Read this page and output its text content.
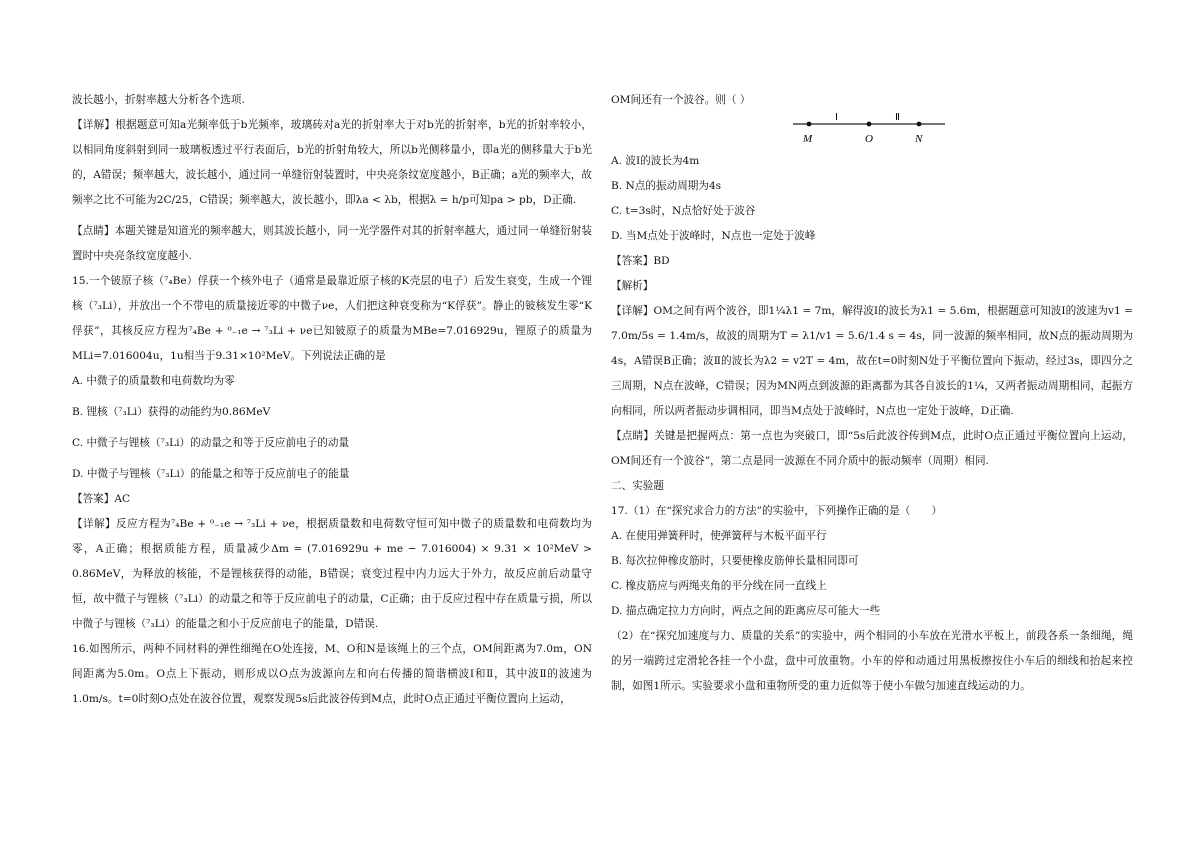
波长越小，折射率越大分析各个选项.

【详解】根据题意可知a光频率低于b光频率，玻璃砖对a光的折射率大于对b光的折射率，b光的折射率较小，以相同角度斜射到同一玻璃板透过平行表面后，b光的折射角较大，所以b光侧移量小，即a光的侧移量大于b光的，A错误；频率越大，波长越小，通过同一单缝衍射装置时，中央亮条纹宽度越小，B正确；a光的频率大，故频率之比不可能为2C/25，C错误；频率越大，波长越小，即λa < λb，根据λ = h/p可知pa > pb，D正确.

【点睛】本题关键是知道光的频率越大，则其波长越小，同一光学器件对其的折射率越大，通过同一单缝衍射装置时中央亮条纹宽度越小.

15.一个铍原子核（⁷₄Be）俘获一个核外电子（通常是最靠近原子核的K壳层的电子）后发生衰变，生成一个锂核（⁷₃Li），并放出一个不带电的质量接近零的中微子νe，人们把这种衰变称为“K俘获”。静止的铍核发生零“K俘获”，其核反应方程为⁷₄Be + ⁰₋₁e → ⁷₃Li + νe已知铍原子的质量为MBe=7.016929u，锂原子的质量为MLi=7.016004u，1u相当于9.31×10²MeV。下列说法正确的是

A. 中微子的质量数和电荷数均为零

B. 锂核（⁷₃Li）获得的动能约为0.86MeV

C. 中微子与锂核（⁷₃Li）的动量之和等于反应前电子的动量

D. 中微子与锂核（⁷₃Li）的能量之和等于反应前电子的能量

【答案】AC

【详解】反应方程为⁷₄Be + ⁰₋₁e → ⁷₃Li + νe，根据质量数和电荷数守恒可知中微子的质量数和电荷数均为零，A正确；根据质能方程，质量减少Δm = (7.016929u + me − 7.016004) × 9.31 × 10²MeV > 0.86MeV，为释放的核能，不是锂核获得的动能，B错误；衰变过程中内力远大于外力，故反应前后动量守恒，故中微子与锂核（⁷₃Li）的动量之和等于反应前电子的动量，C正确；由于反应过程中存在质量亏损，所以中微子与锂核（⁷₃Li）的能量之和小于反应前电子的能量，D错误.

16.如图所示，两种不同材料的弹性细绳在O处连接，M、O和N是该绳上的三个点，OM间距离为7.0m，ON间距离为5.0m。O点上下振动，则形成以O点为波源向左和向右传播的简谐横波Ⅰ和Ⅱ，其中波Ⅱ的波速为1.0m/s。t=0时刻O点处在波谷位置，观察发现5s后此波谷传到M点，此时O点正通过平衡位置向上运动，

OM间还有一个波谷。则（ ）

Ⅰ	Ⅱ
M	O	N

A. 波Ⅰ的波长为4m

B. N点的振动周期为4s

C. t=3s时，N点恰好处于波谷

D. 当M点处于波峰时，N点也一定处于波峰

【答案】BD

【解析】

【详解】OM之间有两个波谷，即1¼λ1 = 7m，解得波Ⅰ的波长为λ1 = 5.6m，根据题意可知波Ⅰ的波速为v1 = 7.0m/5s = 1.4m/s，故波的周期为T = λ1/v1 = 5.6/1.4 s = 4s，同一波源的频率相同，故N点的振动周期为4s，A错误B正确；波Ⅱ的波长为λ2 = v2T = 4m，故在t=0时刻N处于平衡位置向下振动，经过3s，即四分之三周期，N点在波峰，C错误；因为MN两点到波源的距离都为其各自波长的1¼，又两者振动周期相同，起振方向相同，所以两者振动步调相同，即当M点处于波峰时，N点也一定处于波峰，D正确.

【点睛】关键是把握两点：第一点也为突破口，即“5s后此波谷传到M点，此时O点正通过平衡位置向上运动，OM间还有一个波谷”，第二点是同一波源在不同介质中的振动频率（周期）相同.

二、实验题

17.（1）在“探究求合力的方法”的实验中，下列操作正确的是（　　）

A. 在使用弹簧秤时，使弹簧秤与木板平面平行

B. 每次拉伸橡皮筋时，只要使橡皮筋伸长量相同即可

C. 橡皮筋应与两绳夹角的平分线在同一直线上

D. 描点确定拉力方向时，两点之间的距离应尽可能大一些

（2）在“探究加速度与力、质量的关系”的实验中，两个相同的小车放在光滑水平板上，前段各系一条细绳，绳的另一端跨过定滑轮各挂一个小盘，盘中可放重物。小车的停和动通过用黑板擦按住小车后的细线和抬起来控制，如图1所示。实验要求小盘和重物所受的重力近似等于使小车做匀加速直线运动的力。
